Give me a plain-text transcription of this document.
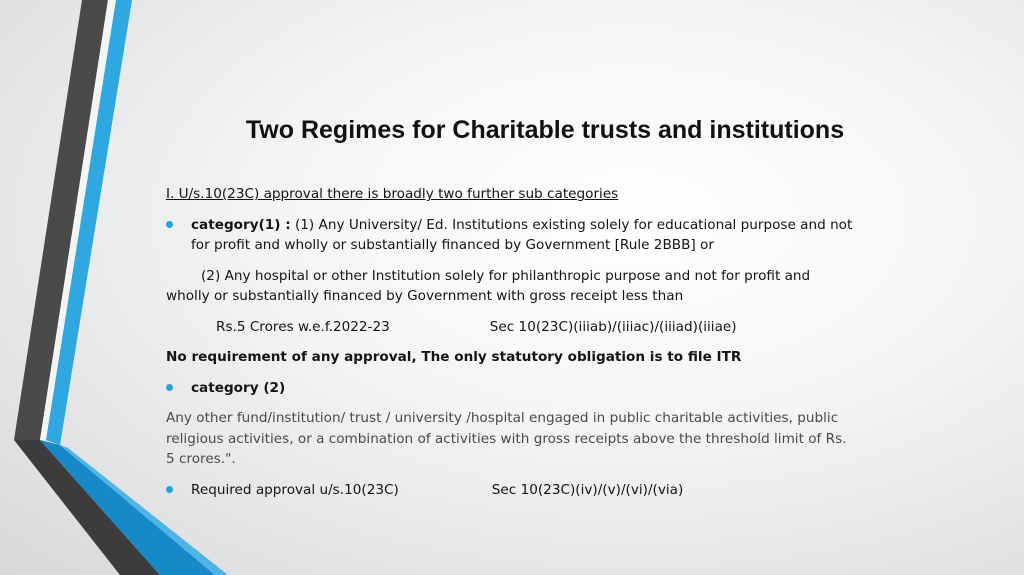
Two Regimes for Charitable trusts and institutions
I. U/s.10(23C) approval there is broadly two further sub categories
category(1) : (1) Any University/ Ed. Institutions existing solely for educational purpose and not
for profit and wholly or substantially financed by Government [Rule 2BBB] or
(2) Any hospital or other Institution solely for philanthropic purpose and not for profit and
wholly or substantially financed by Government with gross receipt less than
Rs.5 Crores w.e.f.2022-23	Sec 10(23C)(iiiab)/(iiiac)/(iiiad)(iiiae)
No requirement of any approval, The only statutory obligation is to file ITR
category (2)
Any other fund/institution/ trust / university /hospital engaged in public charitable activities, public
religious activities, or a combination of activities with gross receipts above the threshold limit of Rs.
5 crores.".
Required approval u/s.10(23C)	Sec 10(23C)(iv)/(v)/(vi)/(via)
